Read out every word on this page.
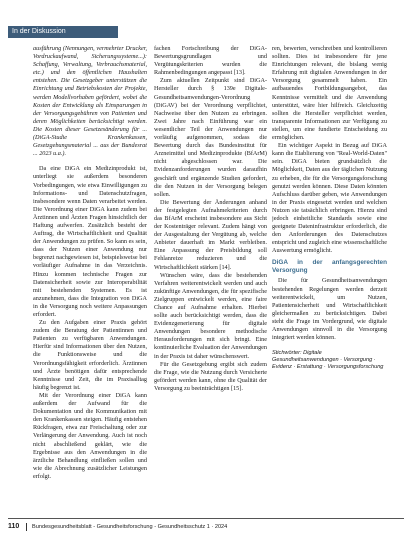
In der Diskussion

ausführung (Nennungen, vermehrter Drucker, Vordruckaufwand, Sicherungssysteme...): Schaffung, Verwaltung, Verbrauchsmaterial, etc.) und den öffentlichen Haushalten entstehen. Die Gesetzgeber unterstützen die Einrichtung und Betriebskosten der Projekte, werden Modellvorhaben gefördert, wobei die Kosten der Entwicklung als Einsparungen in der Versorgungsgebühren von Patienten und deren Möglichkeiten berücksichtigt werden. Die Kosten dieser Gesetzesänderung für ... (DiGA-Studie Krankenkassen, Gesetzgebungsmaterial ... aus der Bundesrat ... 2023 u.a.).

Da eine DiGA ein Medizinprodukt ist, unterliegt sie außerdem besonderen Vorbedingungen, wie etwa Einwilligungen zu Informations- und Datenschutzfragen, insbesondere wenn Daten verarbeitet werden. Die Verordnung einer DiGA kann zudem bei Ärztinnen und Ärzten Fragen hinsichtlich der Haftung aufwerfen. Zusätzlich besteht der Auftrag, die Wirtschaftlichkeit und Qualität der Anwendungen zu prüfen. So kann es sein, dass der Nutzen einer Anwendung nur begrenzt nachgewiesen ist, beispielsweise bei vorläufiger Aufnahme in das Verzeichnis. Hinzu kommen technische Fragen zur Datensicherheit sowie zur Interoperabilität mit bestehenden Systemen. Es ist anzunehmen, dass die Integration von DiGA in die Versorgung noch weitere Anpassungen erfordert.

Zu den Aufgaben einer Praxis gehört zudem die Beratung der Patientinnen und Patienten zu verfügbaren Anwendungen. Hierfür sind Informationen über den Nutzen, die Funktionsweise und die Verordnungsfähigkeit erforderlich. Ärztinnen und Ärzte benötigen dafür entsprechende Kenntnisse und Zeit, die im Praxisalltag häufig begrenzt ist.

Mit der Verordnung einer DiGA kann außerdem der Aufwand für die Dokumentation und die Kommunikation mit den Krankenkassen steigen. Häufig entstehen Rückfragen, etwa zur Freischaltung oder zur Verlängerung der Anwendung. Auch ist noch nicht abschließend geklärt, wie die Ergebnisse aus den Anwendungen in die ärztliche Behandlung einfließen sollen und wie die Abrechnung zusätzlicher Leistungen erfolgt.

fachen Fortschreibung der DiGA-Bewertungsgrundlagen und Vergütungskriterien wurden die Rahmenbedingungen angepasst [13].

Zum aktuellen Zeitpunkt sind DiGA-Hersteller durch § 139e Digitale-Gesundheitsanwendungen-Verordnung (DiGAV) bei der Verordnung verpflichtet, Nachweise über den Nutzen zu erbringen. Zwei Jahre nach Einführung war ein wesentlicher Teil der Anwendungen nur vorläufig aufgenommen, sodass die Bewertung durch das Bundesinstitut für Arzneimittel und Medizinprodukte (BfArM) nicht abgeschlossen war. Die Evidenzanforderungen wurden daraufhin geschärft und ergänzende Studien gefordert, die den Nutzen in der Versorgung belegen sollen.

Die Bewertung der Änderungen anhand der festgelegten Aufnahmekriterien durch das BfArM erscheint insbesondere aus Sicht der Kostenträger relevant. Zudem hängt von der Ausgestaltung der Vergütung ab, welche Anbieter dauerhaft im Markt verbleiben. Eine Anpassung der Preisbildung soll Fehlanreize reduzieren und die Wirtschaftlichkeit stärken [14].

Wünschen wäre, dass die bestehenden Verfahren weiterentwickelt werden und auch zukünftige Anwendungen, die für spezifische Zielgruppen entwickelt werden, eine faire Chance auf Aufnahme erhalten. Hierbei sollte auch berücksichtigt werden, dass die Evidenzgenerierung für digitale Anwendungen besondere methodische Herausforderungen mit sich bringt. Eine kontinuierliche Evaluation der Anwendungen in der Praxis ist daher wünschenswert.

Für die Gesetzgebung ergibt sich zudem die Frage, wie die Nutzung durch Versicherte gefördert werden kann, ohne die Qualität der Versorgung zu beeinträchtigen [15].

ren, bewerten, verschreiben und kontrollieren sollten. Dies ist insbesondere für jene Einrichtungen relevant, die bislang wenig Erfahrung mit digitalen Anwendungen in der Versorgung gesammelt haben. Ein aufbauendes Fortbildungsangebot, das Kenntnisse vermittelt und die Anwendung unterstützt, wäre hier hilfreich. Gleichzeitig sollten die Hersteller verpflichtet werden, transparente Informationen zur Verfügung zu stellen, um eine fundierte Entscheidung zu ermöglichen.

Ein wichtiger Aspekt in Bezug auf DiGA kann die Etablierung von "Real-World-Daten" sein. DiGA bieten grundsätzlich die Möglichkeit, Daten aus der täglichen Nutzung zu erheben, die für die Versorgungsforschung genutzt werden können. Diese Daten könnten Aufschluss darüber geben, wie Anwendungen in der Praxis eingesetzt werden und welchen Nutzen sie tatsächlich erbringen. Hierzu sind jedoch einheitliche Standards sowie eine geeignete Dateninfrastruktur erforderlich, die den Anforderungen des Datenschutzes entspricht und zugleich eine wissenschaftliche Auswertung ermöglicht.

DiGA in der anfangsgerechten Versorgung

Die für Gesundheitsanwendungen bestehenden Regelungen werden derzeit weiterentwickelt, um Nutzen, Patientensicherheit und Wirtschaftlichkeit gleichermaßen zu berücksichtigen. Dabei steht die Frage im Vordergrund, wie digitale Anwendungen sinnvoll in die Versorgung integriert werden können.

Stichwörter: Digitale Gesundheitsanwendungen · Versorgung · Evidenz · Erstattung · Versorgungsforschung

110 Bundesgesundheitsblatt - Gesundheitsforschung - Gesundheitsschutz 1 · 2024
